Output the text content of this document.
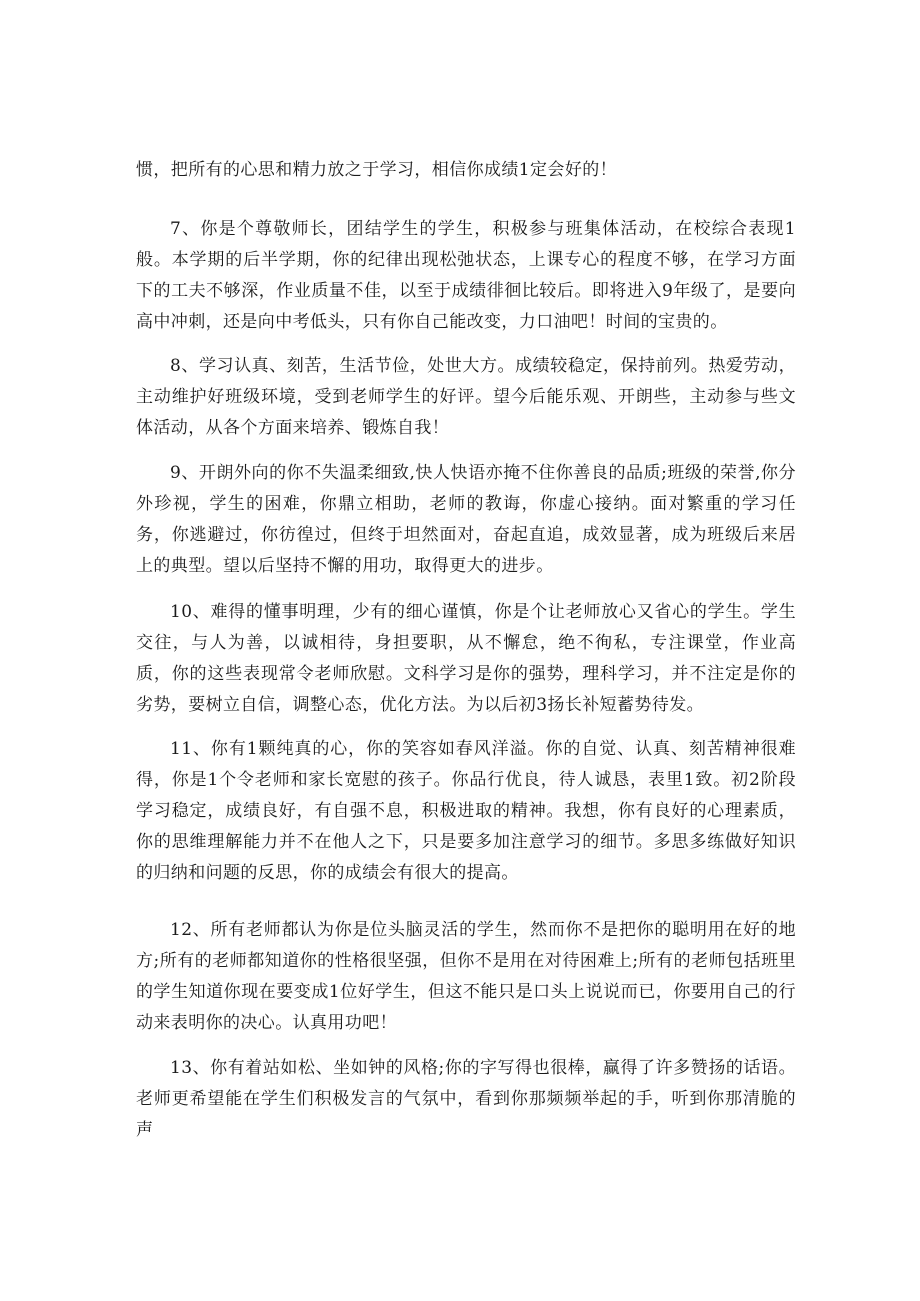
惯，把所有的心思和精力放之于学习，相信你成绩1定会好的！

7、你是个尊敬师长，团结学生的学生，积极参与班集体活动，在校综合表现1般。本学期的后半学期，你的纪律出现松弛状态，上课专心的程度不够，在学习方面下的工夫不够深，作业质量不佳，以至于成绩徘徊比较后。即将进入9年级了，是要向高中冲刺，还是向中考低头，只有你自己能改变，力口油吧！时间的宝贵的。

8、学习认真、刻苦，生活节俭，处世大方。成绩较稳定，保持前列。热爱劳动，主动维护好班级环境，受到老师学生的好评。望今后能乐观、开朗些，主动参与些文体活动，从各个方面来培养、锻炼自我！

9、开朗外向的你不失温柔细致,快人快语亦掩不住你善良的品质;班级的荣誉,你分外珍视，学生的困难，你鼎立相助，老师的教诲，你虚心接纳。面对繁重的学习任务，你逃避过，你彷徨过，但终于坦然面对，奋起直追，成效显著，成为班级后来居上的典型。望以后坚持不懈的用功，取得更大的进步。

10、难得的懂事明理，少有的细心谨慎，你是个让老师放心又省心的学生。学生交往，与人为善，以诚相待，身担要职，从不懈怠，绝不徇私，专注课堂，作业高质，你的这些表现常令老师欣慰。文科学习是你的强势，理科学习，并不注定是你的劣势，要树立自信，调整心态，优化方法。为以后初3扬长补短蓄势待发。

11、你有1颗纯真的心，你的笑容如春风洋溢。你的自觉、认真、刻苦精神很难得，你是1个令老师和家长宽慰的孩子。你品行优良，待人诚恳，表里1致。初2阶段学习稳定，成绩良好，有自强不息，积极进取的精神。我想，你有良好的心理素质，你的思维理解能力并不在他人之下，只是要多加注意学习的细节。多思多练做好知识的归纳和问题的反思，你的成绩会有很大的提高。

12、所有老师都认为你是位头脑灵活的学生，然而你不是把你的聪明用在好的地方;所有的老师都知道你的性格很坚强，但你不是用在对待困难上;所有的老师包括班里的学生知道你现在要变成1位好学生，但这不能只是口头上说说而已，你要用自己的行动来表明你的决心。认真用功吧！

13、你有着站如松、坐如钟的风格;你的字写得也很棒，赢得了许多赞扬的话语。老师更希望能在学生们积极发言的气氛中，看到你那频频举起的手，听到你那清脆的声
